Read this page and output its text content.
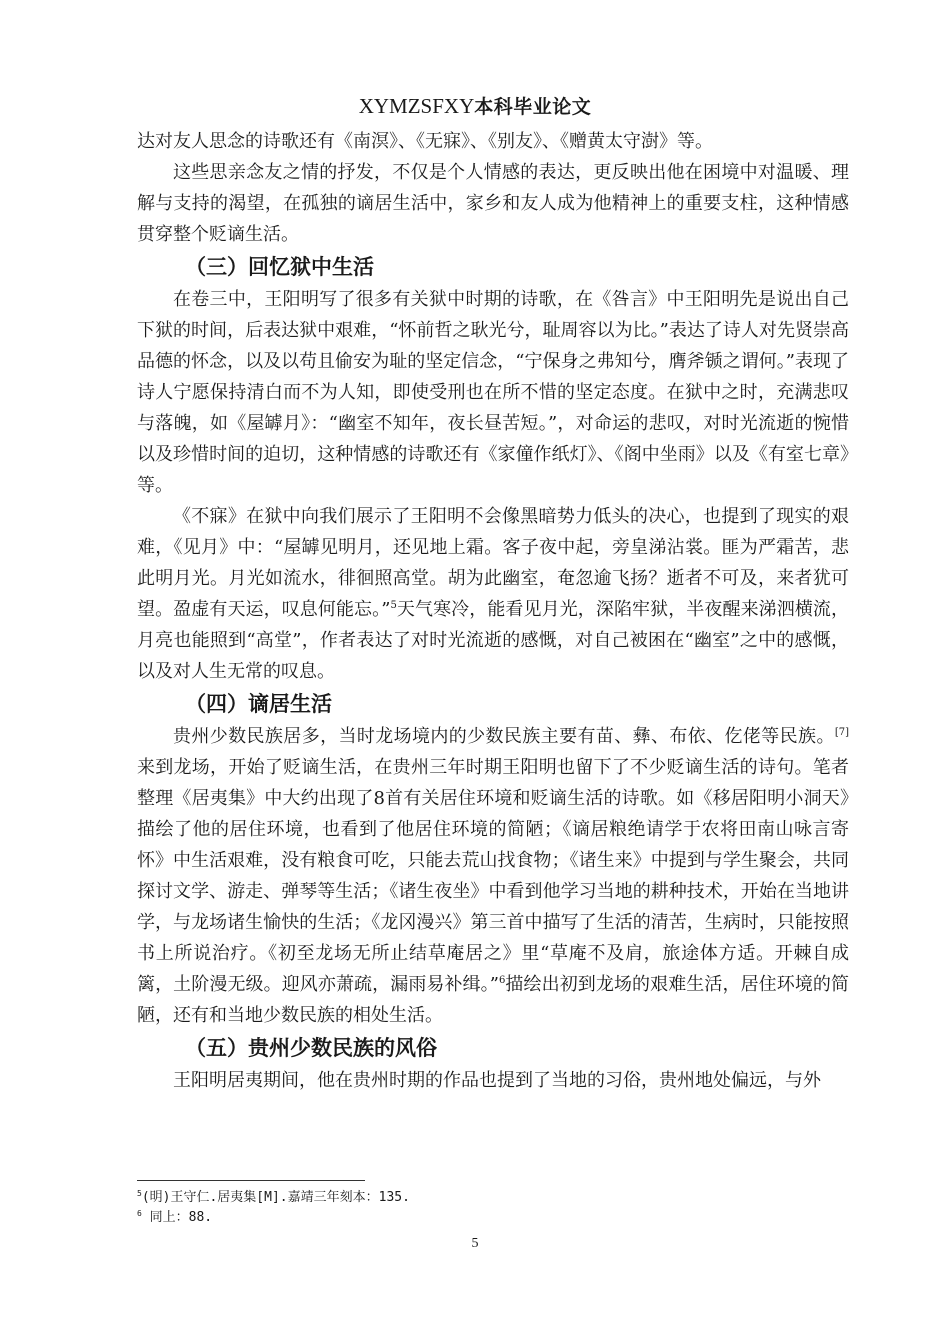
XYMZSFXY本科毕业论文

达对友人思念的诗歌还有《南溟》、《无寐》、《别友》、《赠黄太守澍》等。

这些思亲念友之情的抒发，不仅是个人情感的表达，更反映出他在困境中对温暖、理解与支持的渴望，在孤独的谪居生活中，家乡和友人成为他精神上的重要支柱，这种情感贯穿整个贬谪生活。

（三）回忆狱中生活

在卷三中，王阳明写了很多有关狱中时期的诗歌，在《咎言》中王阳明先是说出自己下狱的时间，后表达狱中艰难，“怀前哲之耿光兮，耻周容以为比。”表达了诗人对先贤崇高品德的怀念，以及以苟且偷安为耻的坚定信念，“宁保身之弗知兮，膺斧锧之谓何。”表现了诗人宁愿保持清白而不为人知，即使受刑也在所不惜的坚定态度。在狱中之时，充满悲叹与落魄，如《屋罅月》：“幽室不知年，夜长昼苦短。”，对命运的悲叹，对时光流逝的惋惜以及珍惜时间的迫切，这种情感的诗歌还有《家僮作纸灯》、《阁中坐雨》以及《有室七章》等。

《不寐》在狱中向我们展示了王阳明不会像黑暗势力低头的决心，也提到了现实的艰难，《见月》中：“屋罅见明月，还见地上霜。客子夜中起，旁皇涕沾裳。匪为严霜苦，悲此明月光。月光如流水，徘徊照高堂。胡为此幽室，奄忽逾飞扬？逝者不可及，来者犹可望。盈虚有天运，叹息何能忘。”$^5$天气寒冷，能看见月光，深陷牢狱，半夜醒来涕泗横流，月亮也能照到“高堂”，作者表达了对时光流逝的感慨，对自己被困在“幽室”之中的感慨，以及对人生无常的叹息。

（四）谪居生活

贵州少数民族居多，当时龙场境内的少数民族主要有苗、彝、布依、仡佬等民族。[7]来到龙场，开始了贬谪生活，在贵州三年时期王阳明也留下了不少贬谪生活的诗句。笔者整理《居夷集》中大约出现了8首有关居住环境和贬谪生活的诗歌。如《移居阳明小洞天》描绘了他的居住环境，也看到了他居住环境的简陋；《谪居粮绝请学于农将田南山咏言寄怀》中生活艰难，没有粮食可吃，只能去荒山找食物；《诸生来》中提到与学生聚会，共同探讨文学、游走、弹琴等生活；《诸生夜坐》中看到他学习当地的耕种技术，开始在当地讲学，与龙场诸生愉快的生活；《龙冈漫兴》第三首中描写了生活的清苦，生病时，只能按照书上所说治疗。《初至龙场无所止结草庵居之》里“草庵不及肩，旅途体方适。开棘自成篱，土阶漫无级。迎风亦萧疏，漏雨易补缉。”$^6$描绘出初到龙场的艰难生活，居住环境的简陋，还有和当地少数民族的相处生活。

（五）贵州少数民族的风俗

王阳明居夷期间，他在贵州时期的作品也提到了当地的习俗，贵州地处偏远，与外

$^5$(明)王守仁.居夷集[M].嘉靖三年刻本：135.
$^6$ 同上：88.
5
